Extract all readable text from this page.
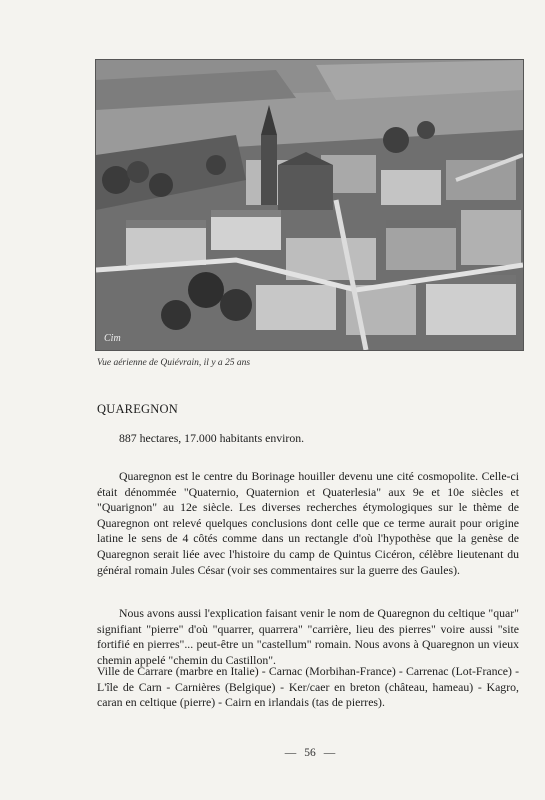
Cim
Vue aérienne de Quiévrain, il y a 25 ans
QUAREGNON
887 hectares, 17.000 habitants environ.
Quaregnon est le centre du Borinage houiller devenu une cité cosmopolite. Celle-ci était dénommée "Quaternio, Quaternion et Quaterlesia" aux 9e et 10e siècles et "Quarignon" au 12e siècle. Les diverses recherches étymologiques sur le thème de Quaregnon ont relevé quelques conclusions dont celle que ce terme aurait pour origine latine le sens de 4 côtés comme dans un rectangle d'où l'hypothèse que la genèse de Quaregnon serait liée avec l'histoire du camp de Quintus Cicéron, célèbre lieutenant du général romain Jules César (voir ses commentaires sur la guerre des Gaules).
Nous avons aussi l'explication faisant venir le nom de Quaregnon du celtique "quar" signifiant "pierre" d'où "quarrer, quarrera" "carrière, lieu des pierres" voire aussi "site fortifié en pierres"... peut-être un "castellum" romain. Nous avons à Quaregnon un vieux chemin appelé "chemin du Castillon".
Ville de Carrare (marbre en Italie) - Carnac (Morbihan-France) - Carrenac (Lot-France) - L'île de Carn - Carnières (Belgique) - Ker/caer en breton (château, hameau) - Kagro, caran en celtique (pierre) - Cairn en irlandais (tas de pierres).
— 56 —
